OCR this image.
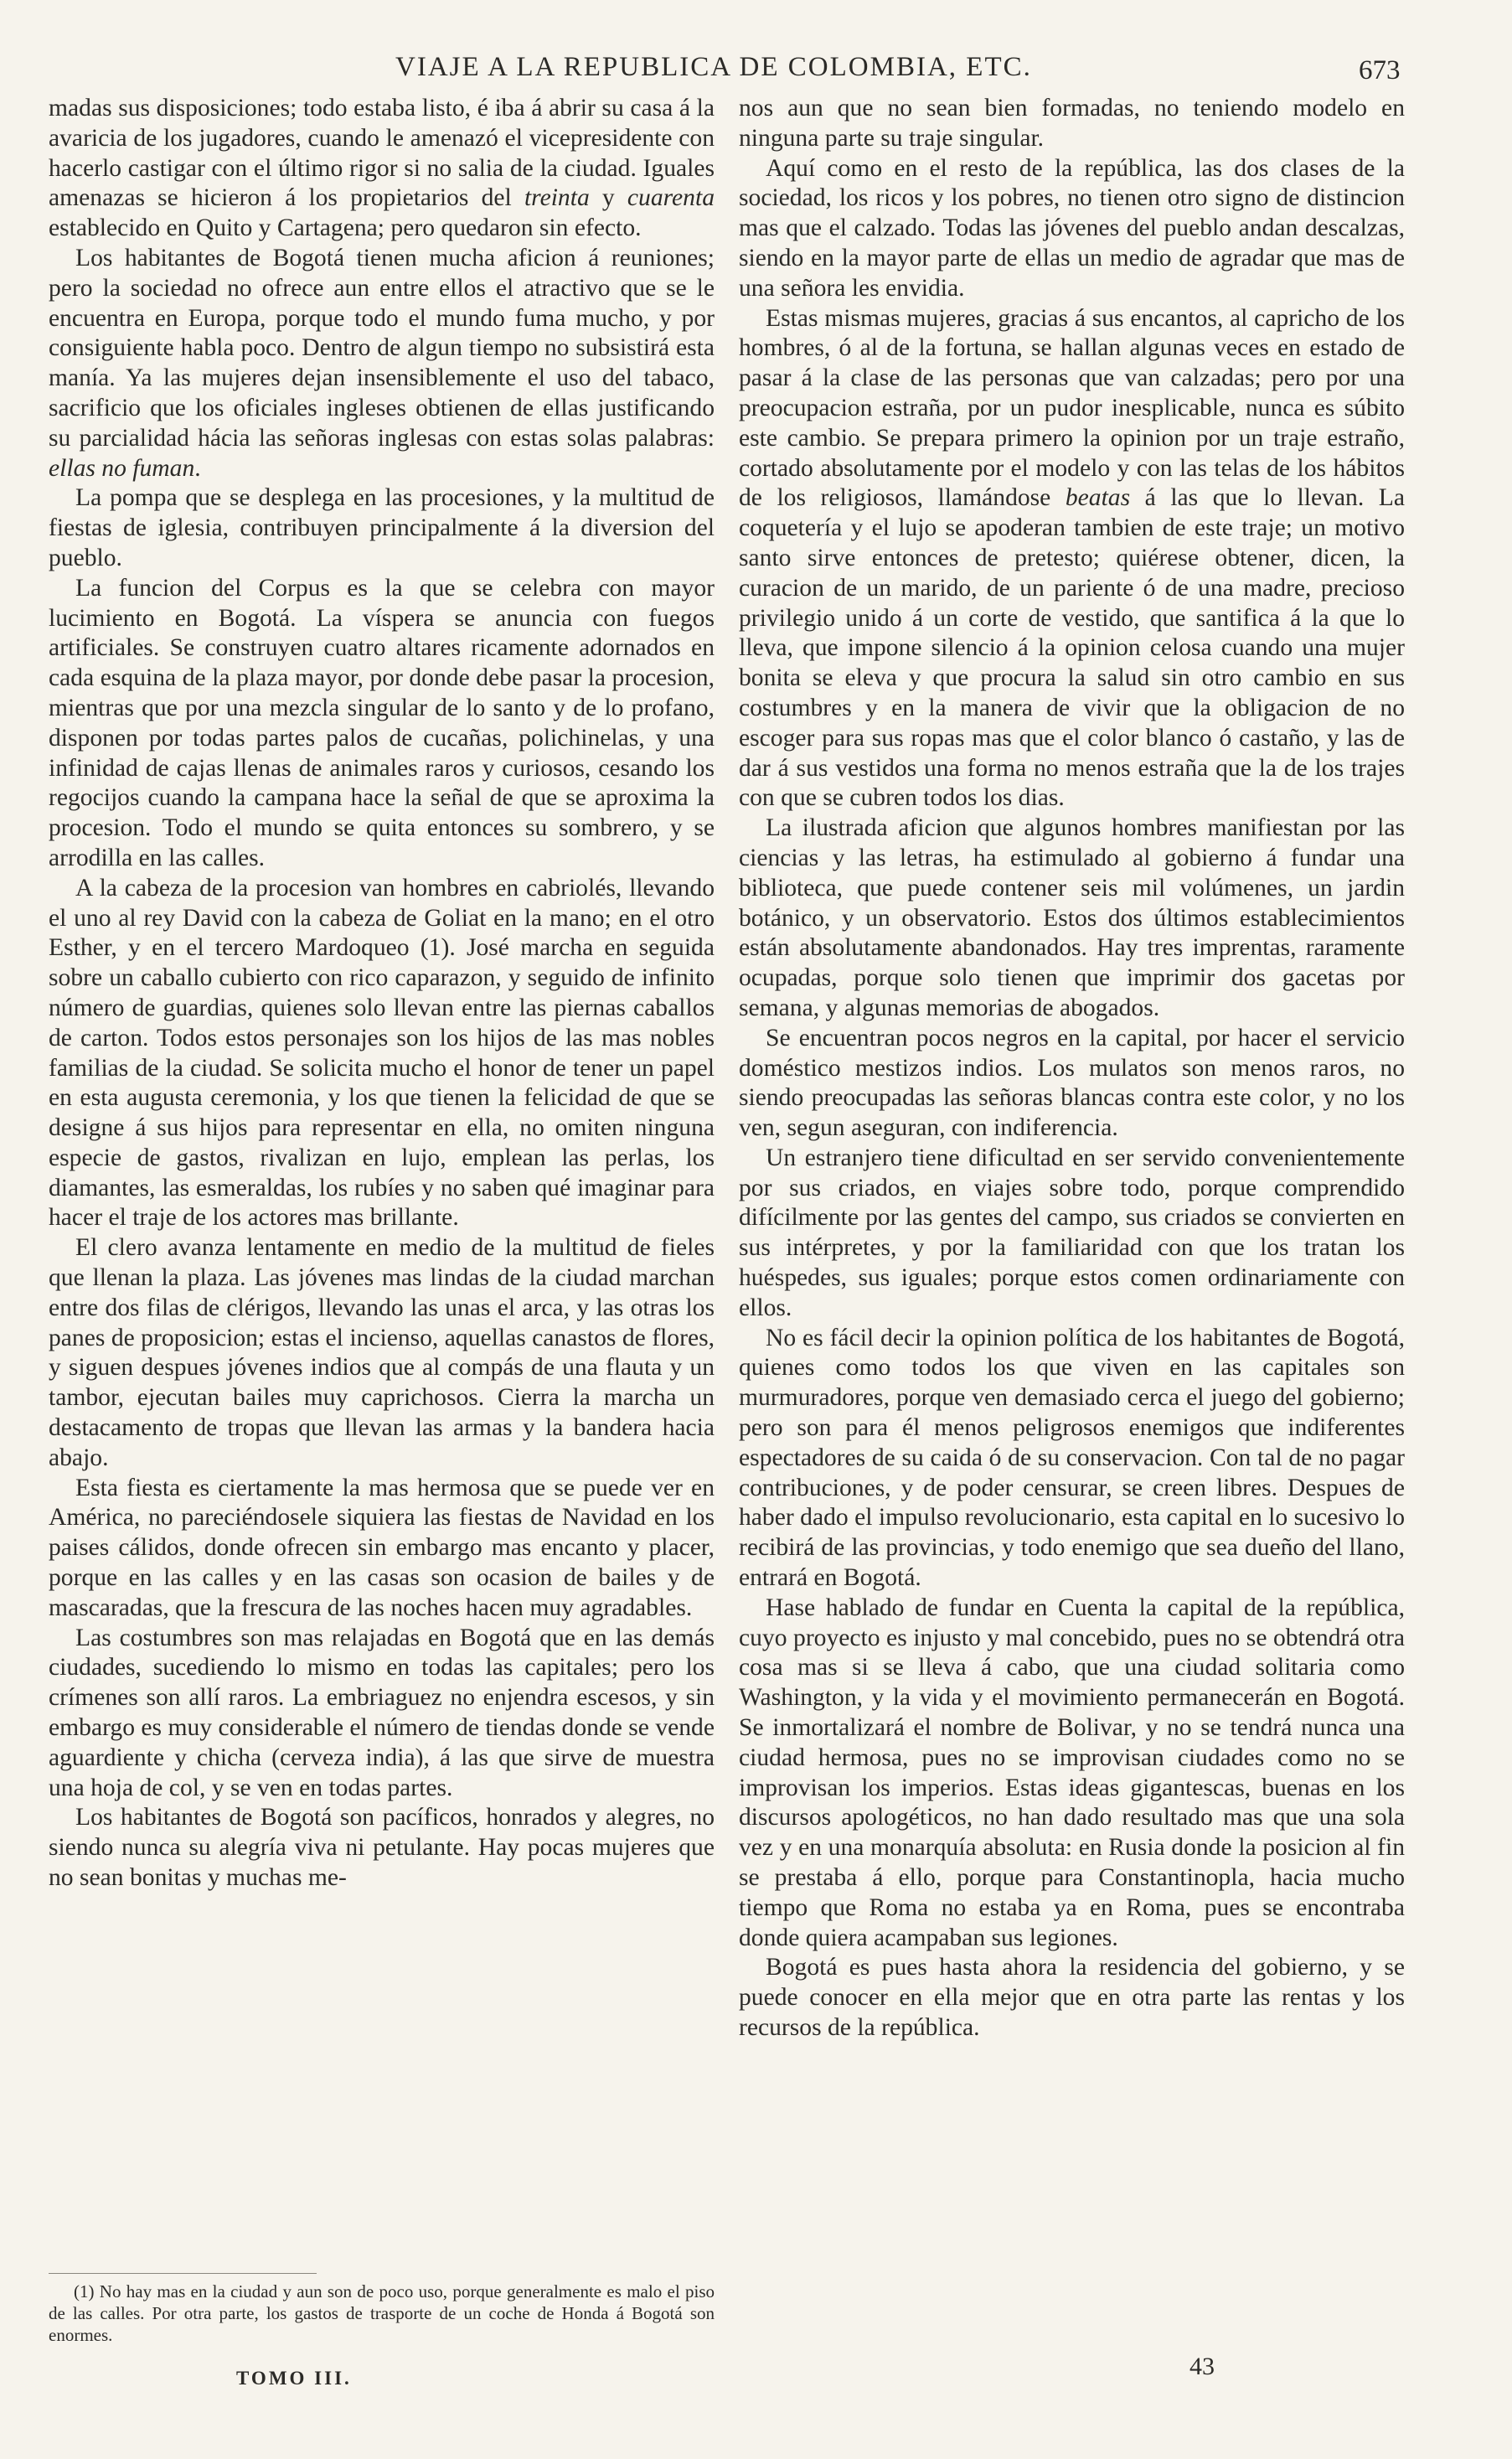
VIAJE A LA REPUBLICA DE COLOMBIA, ETC.	673

madas sus disposiciones; todo estaba listo, é iba á abrir su casa á la avaricia de los jugadores, cuando le amenazó el vicepresidente con hacerlo castigar con el último rigor si no salia de la ciudad. Iguales amenazas se hicieron á los propietarios del treinta y cuarenta establecido en Quito y Cartagena; pero quedaron sin efecto.

Los habitantes de Bogotá tienen mucha aficion á reuniones; pero la sociedad no ofrece aun entre ellos el atractivo que se le encuentra en Europa, porque todo el mundo fuma mucho, y por consiguiente habla poco. Dentro de algun tiempo no subsistirá esta manía. Ya las mujeres dejan insensiblemente el uso del tabaco, sacrificio que los oficiales ingleses obtienen de ellas justificando su parcialidad hácia las señoras inglesas con estas solas palabras: ellas no fuman.

La pompa que se desplega en las procesiones, y la multitud de fiestas de iglesia, contribuyen principalmente á la diversion del pueblo.

La funcion del Corpus es la que se celebra con mayor lucimiento en Bogotá. La víspera se anuncia con fuegos artificiales. Se construyen cuatro altares ricamente adornados en cada esquina de la plaza mayor, por donde debe pasar la procesion, mientras que por una mezcla singular de lo santo y de lo profano, disponen por todas partes palos de cucañas, polichinelas, y una infinidad de cajas llenas de animales raros y curiosos, cesando los regocijos cuando la campana hace la señal de que se aproxima la procesion. Todo el mundo se quita entonces su sombrero, y se arrodilla en las calles.

A la cabeza de la procesion van hombres en cabriolés, llevando el uno al rey David con la cabeza de Goliat en la mano; en el otro Esther, y en el tercero Mardoqueo (1). José marcha en seguida sobre un caballo cubierto con rico caparazon, y seguido de infinito número de guardias, quienes solo llevan entre las piernas caballos de carton. Todos estos personajes son los hijos de las mas nobles familias de la ciudad. Se solicita mucho el honor de tener un papel en esta augusta ceremonia, y los que tienen la felicidad de que se designe á sus hijos para representar en ella, no omiten ninguna especie de gastos, rivalizan en lujo, emplean las perlas, los diamantes, las esmeraldas, los rubíes y no saben qué imaginar para hacer el traje de los actores mas brillante.

El clero avanza lentamente en medio de la multitud de fieles que llenan la plaza. Las jóvenes mas lindas de la ciudad marchan entre dos filas de clérigos, llevando las unas el arca, y las otras los panes de proposicion; estas el incienso, aquellas canastos de flores, y siguen despues jóvenes indios que al compás de una flauta y un tambor, ejecutan bailes muy caprichosos. Cierra la marcha un destacamento de tropas que llevan las armas y la bandera hacia abajo.

Esta fiesta es ciertamente la mas hermosa que se puede ver en América, no pareciéndosele siquiera las fiestas de Navidad en los paises cálidos, donde ofrecen sin embargo mas encanto y placer, porque en las calles y en las casas son ocasion de bailes y de mascaradas, que la frescura de las noches hacen muy agradables.

Las costumbres son mas relajadas en Bogotá que en las demás ciudades, sucediendo lo mismo en todas las capitales; pero los crímenes son allí raros. La embriaguez no enjendra escesos, y sin embargo es muy considerable el número de tiendas donde se vende aguardiente y chicha (cerveza india), á las que sirve de muestra una hoja de col, y se ven en todas partes.

Los habitantes de Bogotá son pacíficos, honrados y alegres, no siendo nunca su alegría viva ni petulante. Hay pocas mujeres que no sean bonitas y muchas me-

nos aun que no sean bien formadas, no teniendo modelo en ninguna parte su traje singular.

Aquí como en el resto de la república, las dos clases de la sociedad, los ricos y los pobres, no tienen otro signo de distincion mas que el calzado. Todas las jóvenes del pueblo andan descalzas, siendo en la mayor parte de ellas un medio de agradar que mas de una señora les envidia.

Estas mismas mujeres, gracias á sus encantos, al capricho de los hombres, ó al de la fortuna, se hallan algunas veces en estado de pasar á la clase de las personas que van calzadas; pero por una preocupacion estraña, por un pudor inesplicable, nunca es súbito este cambio. Se prepara primero la opinion por un traje estraño, cortado absolutamente por el modelo y con las telas de los hábitos de los religiosos, llamándose beatas á las que lo llevan. La coquetería y el lujo se apoderan tambien de este traje; un motivo santo sirve entonces de pretesto; quiérese obtener, dicen, la curacion de un marido, de un pariente ó de una madre, precioso privilegio unido á un corte de vestido, que santifica á la que lo lleva, que impone silencio á la opinion celosa cuando una mujer bonita se eleva y que procura la salud sin otro cambio en sus costumbres y en la manera de vivir que la obligacion de no escoger para sus ropas mas que el color blanco ó castaño, y las de dar á sus vestidos una forma no menos estraña que la de los trajes con que se cubren todos los dias.

La ilustrada aficion que algunos hombres manifiestan por las ciencias y las letras, ha estimulado al gobierno á fundar una biblioteca, que puede contener seis mil volúmenes, un jardin botánico, y un observatorio. Estos dos últimos establecimientos están absolutamente abandonados. Hay tres imprentas, raramente ocupadas, porque solo tienen que imprimir dos gacetas por semana, y algunas memorias de abogados.

Se encuentran pocos negros en la capital, por hacer el servicio doméstico mestizos indios. Los mulatos son menos raros, no siendo preocupadas las señoras blancas contra este color, y no los ven, segun aseguran, con indiferencia.

Un estranjero tiene dificultad en ser servido convenientemente por sus criados, en viajes sobre todo, porque comprendido difícilmente por las gentes del campo, sus criados se convierten en sus intérpretes, y por la familiaridad con que los tratan los huéspedes, sus iguales; porque estos comen ordinariamente con ellos.

No es fácil decir la opinion política de los habitantes de Bogotá, quienes como todos los que viven en las capitales son murmuradores, porque ven demasiado cerca el juego del gobierno; pero son para él menos peligrosos enemigos que indiferentes espectadores de su caida ó de su conservacion. Con tal de no pagar contribuciones, y de poder censurar, se creen libres. Despues de haber dado el impulso revolucionario, esta capital en lo sucesivo lo recibirá de las provincias, y todo enemigo que sea dueño del llano, entrará en Bogotá.

Hase hablado de fundar en Cuenta la capital de la república, cuyo proyecto es injusto y mal concebido, pues no se obtendrá otra cosa mas si se lleva á cabo, que una ciudad solitaria como Washington, y la vida y el movimiento permanecerán en Bogotá. Se inmortalizará el nombre de Bolivar, y no se tendrá nunca una ciudad hermosa, pues no se improvisan ciudades como no se improvisan los imperios. Estas ideas gigantescas, buenas en los discursos apologéticos, no han dado resultado mas que una sola vez y en una monarquía absoluta: en Rusia donde la posicion al fin se prestaba á ello, porque para Constantinopla, hacia mucho tiempo que Roma no estaba ya en Roma, pues se encontraba donde quiera acampaban sus legiones.

Bogotá es pues hasta ahora la residencia del gobierno, y se puede conocer en ella mejor que en otra parte las rentas y los recursos de la república.

(1) No hay mas en la ciudad y aun son de poco uso, porque generalmente es malo el piso de las calles. Por otra parte, los gastos de trasporte de un coche de Honda á Bogotá son enormes.

TOMO III.	43
